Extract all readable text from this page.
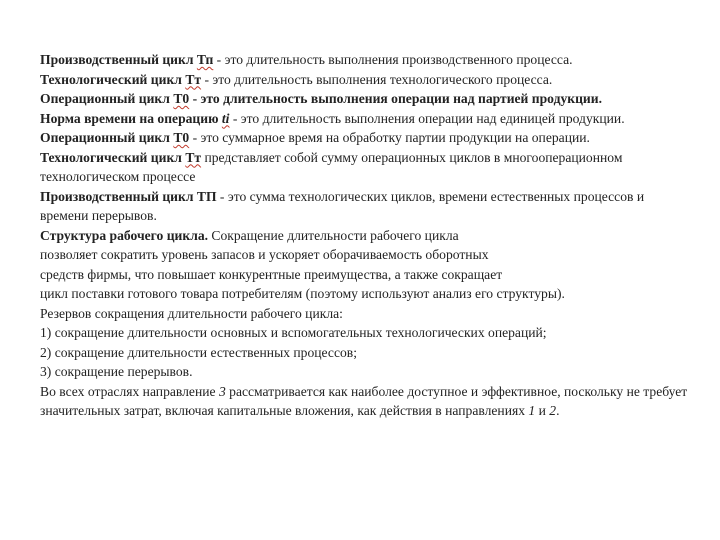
Производственный цикл Тп - это длительность выполнения производственного процесса.

Технологический цикл Тт - это длительность выполнения технологического процесса.

Операционный цикл Т0 - это длительность выполнения операции над партией продукции.

Норма времени на операцию ti - это длительность выполнения операции над единицей продукции.

Операционный цикл Т0 - это суммарное время на обработку партии продукции на операции.

Технологический цикл Тт представляет собой сумму операционных циклов в многооперационном технологическом процессе

Производственный цикл ТП - это сумма технологических циклов, времени естественных процессов и времени перерывов.

Структура рабочего цикла. Сокращение длительности рабочего цикла
позволяет сократить уровень запасов и ускоряет оборачиваемость оборотных
средств фирмы, что повышает конкурентные преимущества, а также сокращает
цикл поставки готового товара потребителям (поэтому используют анализ его структуры).
Резервов сокращения длительности рабочего цикла:
1) сокращение длительности основных и вспомогательных технологических операций;
2) сокращение длительности естественных процессов;
3) сокращение перерывов.

Во всех отраслях направление 3 рассматривается как наиболее доступное и эффективное, поскольку не требует значительных затрат, включая капитальные вложения, как действия в направлениях 1 и 2.
